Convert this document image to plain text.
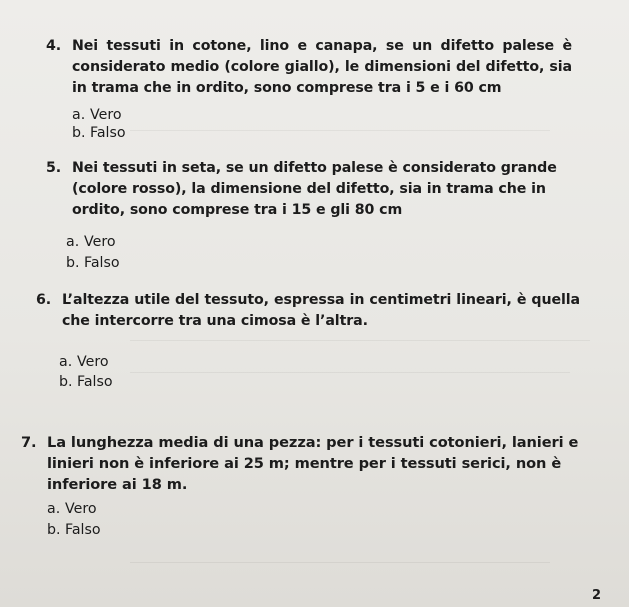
4. Nei tessuti in cotone, lino e canapa, se un difetto palese è considerato medio (colore giallo), le dimensioni del difetto, sia in trama che in ordito, sono comprese tra i 5 e i 60 cm
a. Vero
b. Falso
5. Nei tessuti in seta, se un difetto palese è considerato grande (colore rosso), la dimensione del difetto, sia in trama che in ordito, sono comprese tra i 15 e gli 80 cm
a. Vero
b. Falso
6. L’altezza utile del tessuto, espressa in centimetri lineari, è quella che intercorre tra una cimosa è l’altra.
a. Vero
b. Falso
7. La lunghezza media di una pezza: per i tessuti cotonieri, lanieri e linieri non è inferiore ai 25 m; mentre per i tessuti serici, non è inferiore ai 18 m.
a. Vero
b. Falso
2
